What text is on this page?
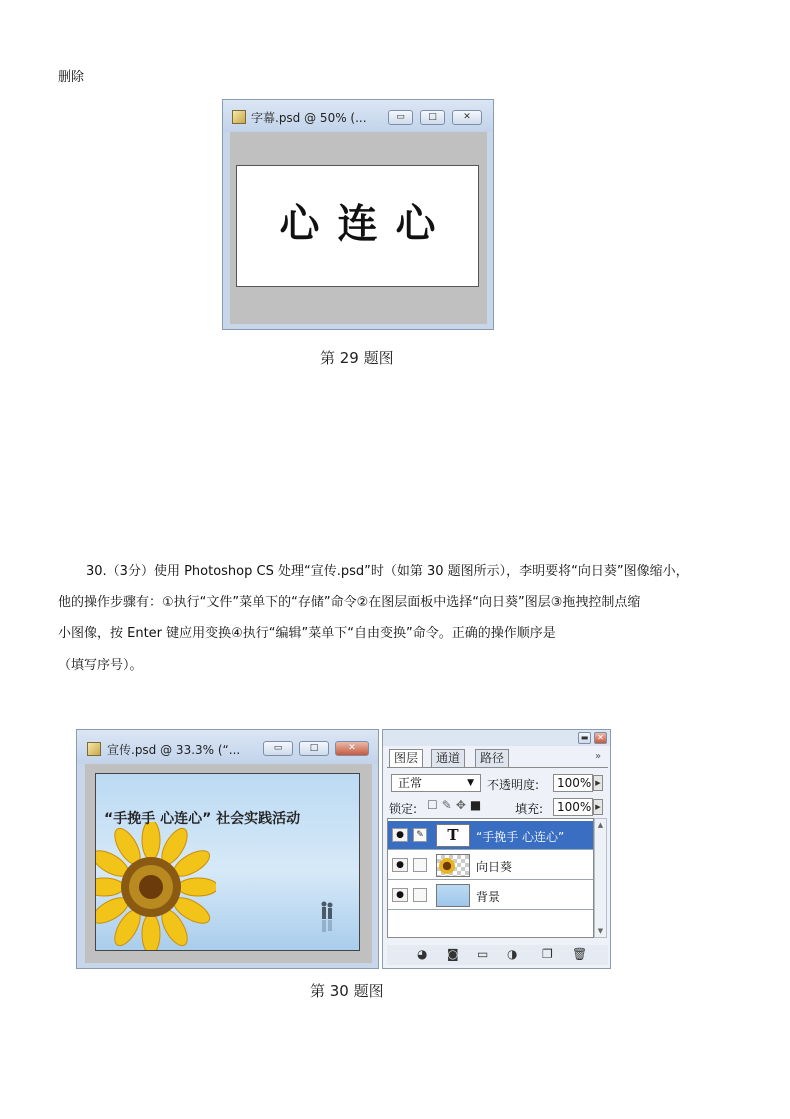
删除
字幕.psd @ 50% (...	▭	□	✕
心连心
第 29 题图
30.（3分）使用 Photoshop CS 处理“宣传.psd”时（如第 30 题图所示），李明要将“向日葵”图像缩小，
他的操作步骤有：①执行“文件”菜单下的“存储”命令②在图层面板中选择“向日葵”图层③拖拽控制点缩
小图像，按 Enter 键应用变换④执行“编辑”菜单下“自由变换”命令。正确的操作顺序是
（填写序号）。
宣传.psd @ 33.3% (“...	▭	□	✕
“手挽手 心连心” 社会实践活动
▬	✕
图层	通道	路径	»
正常	▼ 不透明度:	100% ▶
锁定: ☐✎✥■ 填充:	100% ▶
●	✎	T	“手挽手 心连心”
●	向日葵
●	背景
▲
▼
◕ ◙ ▭ ◑ ❐ 🗑
第 30 题图
